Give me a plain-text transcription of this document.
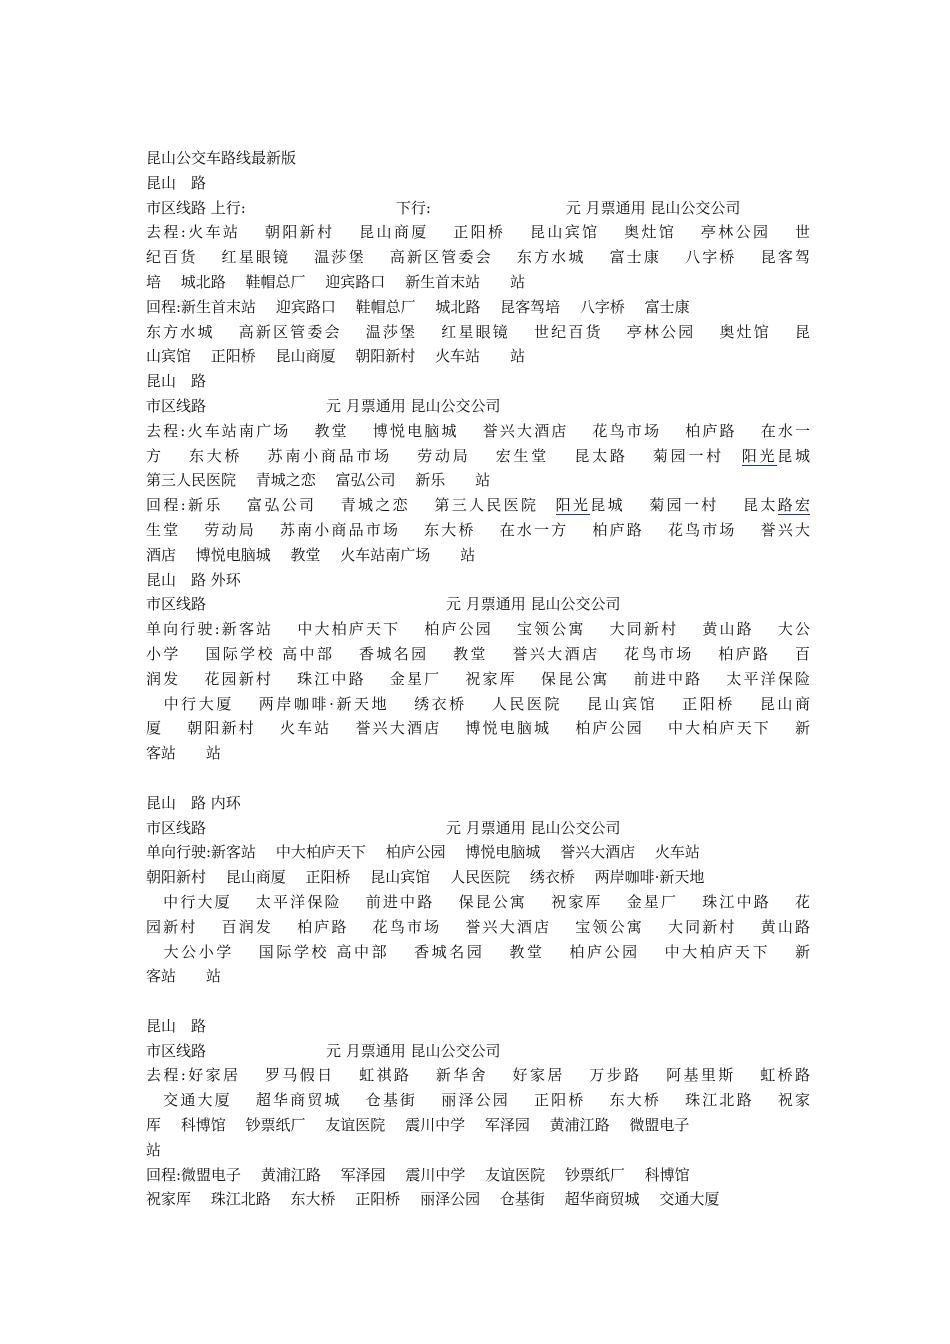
昆山公交车路线最新版
昆山　路
市区线路 上行:　　　　　　　　　　下行:　　　　　　　　　元 月票通用 昆山公交公司
去程:火车站　 朝阳新村　 昆山商厦　 正阳桥　 昆山宾馆　 奥灶馆　 亭林公园　 世
纪百货　 红星眼镜　 温莎堡　 高新区管委会　 东方水城　 富士康　 八字桥　 昆客驾
培　 城北路　 鞋帽总厂　 迎宾路口　 新生首末站　　站
回程:新生首末站　 迎宾路口　 鞋帽总厂　 城北路　 昆客驾培　 八字桥　 富士康
东方水城　 高新区管委会　 温莎堡　 红星眼镜　 世纪百货　 亭林公园　 奥灶馆　 昆
山宾馆　 正阳桥　 昆山商厦　 朝阳新村　 火车站　　站
昆山　路
市区线路　　　　　　　　元 月票通用 昆山公交公司
去程:火车站南广场　 教堂　 博悦电脑城　 誉兴大酒店　 花鸟市场　 柏庐路　 在水一
方　 东大桥　 苏南小商品市场　 劳动局　 宏生堂　 昆太路　 菊园一村　阳光昆城
第三人民医院　 青城之恋　 富弘公司　 新乐　　站
回程:新乐　 富弘公司　 青城之恋　 第三人民医院　阳光昆城　 菊园一村　 昆太路宏
生堂　 劳动局　 苏南小商品市场　 东大桥　 在水一方　 柏庐路　 花鸟市场　 誉兴大
酒店　 博悦电脑城　 教堂　 火车站南广场　　站
昆山　路 外环
市区线路　　　　　　　　　　　　　　　　元 月票通用 昆山公交公司
单向行驶:新客站　 中大柏庐天下　 柏庐公园　 宝领公寓　 大同新村　 黄山路　 大公
小学　 国际学校 高中部　 香城名园　 教堂　 誉兴大酒店　 花鸟市场　 柏庐路　 百
润发　 花园新村　 珠江中路　 金星厂　 祝家厍　 保昆公寓　 前进中路　 太平洋保险
　中行大厦　 两岸咖啡·新天地　 绣衣桥　 人民医院　 昆山宾馆　 正阳桥　 昆山商
厦　 朝阳新村　 火车站　 誉兴大酒店　 博悦电脑城　 柏庐公园　 中大柏庐天下　 新
客站　　站
昆山　路 内环
市区线路　　　　　　　　　　　　　　　　元 月票通用 昆山公交公司
单向行驶:新客站　 中大柏庐天下　 柏庐公园　 博悦电脑城　 誉兴大酒店　 火车站
朝阳新村　 昆山商厦　 正阳桥　 昆山宾馆　 人民医院　 绣衣桥　 两岸咖啡·新天地
　中行大厦　 太平洋保险　 前进中路　 保昆公寓　 祝家厍　 金星厂　 珠江中路　 花
园新村　 百润发　 柏庐路　 花鸟市场　 誉兴大酒店　 宝领公寓　 大同新村　 黄山路
　大公小学　 国际学校 高中部　 香城名园　 教堂　 柏庐公园　 中大柏庐天下　 新
客站　　站
昆山　路
市区线路　　　　　　　　元 月票通用 昆山公交公司
去程:好家居　 罗马假日　 虹祺路　 新华舍　 好家居　 万步路　 阿基里斯　 虹桥路
　交通大厦　 超华商贸城　 仓基街　 丽泽公园　 正阳桥　 东大桥　 珠江北路　 祝家
厍　 科博馆　 钞票纸厂　 友谊医院　 震川中学　 军泽园　 黄浦江路　 微盟电子
站
回程:微盟电子　 黄浦江路　 军泽园　 震川中学　 友谊医院　 钞票纸厂　 科博馆
祝家厍　 珠江北路　 东大桥　 正阳桥　 丽泽公园　 仓基街　 超华商贸城　 交通大厦
